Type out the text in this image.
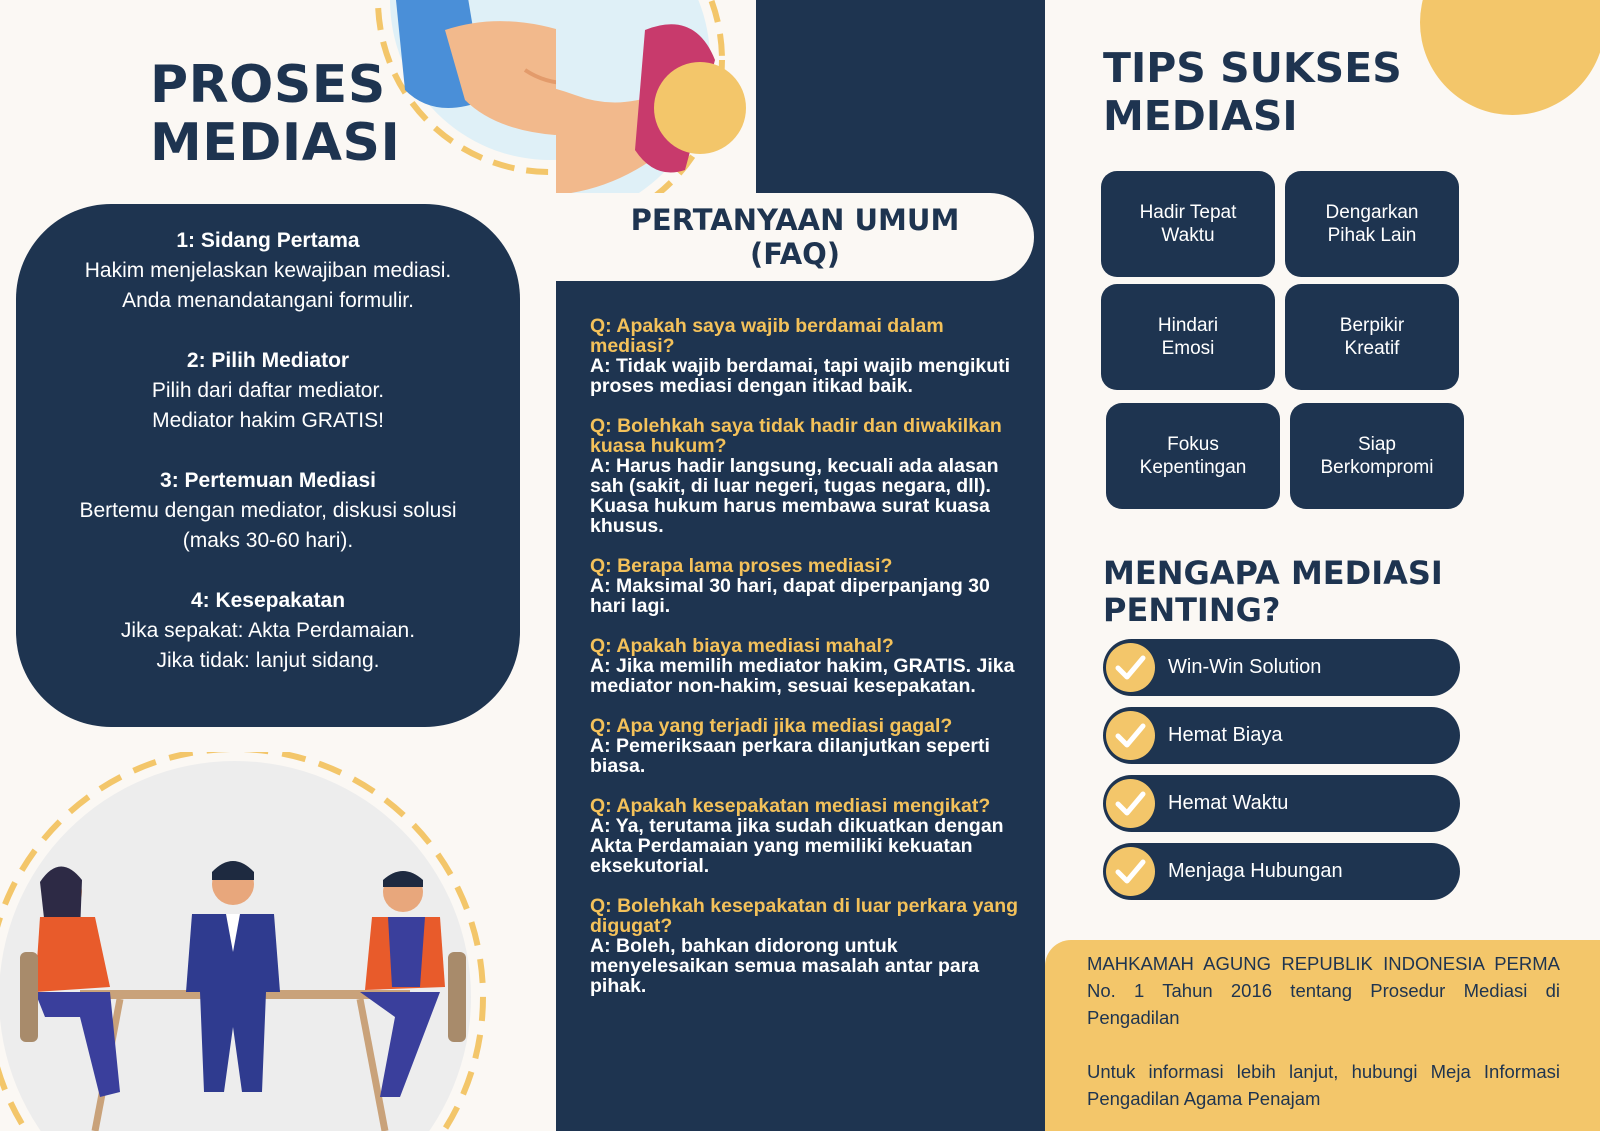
PROSES
MEDIASI
1: Sidang Pertama
Hakim menjelaskan kewajiban mediasi.
Anda menandatangani formulir.
2: Pilih Mediator
Pilih dari daftar mediator.
Mediator hakim GRATIS!
3: Pertemuan Mediasi
Bertemu dengan mediator, diskusi solusi
(maks 30-60 hari).
4: Kesepakatan
Jika sepakat: Akta Perdamaian.
Jika tidak: lanjut sidang.
PERTANYAAN UMUM
(FAQ)
Q: Apakah saya wajib berdamai dalam mediasi?
A: Tidak wajib berdamai, tapi wajib mengikuti proses mediasi dengan itikad baik.
Q: Bolehkah saya tidak hadir dan diwakilkan kuasa hukum?
A: Harus hadir langsung, kecuali ada alasan sah (sakit, di luar negeri, tugas negara, dll). Kuasa hukum harus membawa surat kuasa khusus.
Q: Berapa lama proses mediasi?
A: Maksimal 30 hari, dapat diperpanjang 30 hari lagi.
Q: Apakah biaya mediasi mahal?
A: Jika memilih mediator hakim, GRATIS. Jika mediator non-hakim, sesuai kesepakatan.
Q: Apa yang terjadi jika mediasi gagal?
A: Pemeriksaan perkara dilanjutkan seperti biasa.
Q: Apakah kesepakatan mediasi mengikat?
A: Ya, terutama jika sudah dikuatkan dengan Akta Perdamaian yang memiliki kekuatan eksekutorial.
Q: Bolehkah kesepakatan di luar perkara yang digugat?
A: Boleh, bahkan didorong untuk menyelesaikan semua masalah antar para pihak.
TIPS SUKSES
MEDIASI
Hadir Tepat
Waktu
Dengarkan
Pihak Lain
Hindari
Emosi
Berpikir
Kreatif
Fokus
Kepentingan
Siap
Berkompromi
MENGAPA MEDIASI
PENTING?
Win-Win Solution
Hemat Biaya
Hemat Waktu
Menjaga Hubungan

MAHKAMAH AGUNG REPUBLIK INDONESIA PERMA No. 1 Tahun 2016 tentang Prosedur Mediasi di Pengadilan

Untuk informasi lebih lanjut, hubungi Meja Informasi Pengadilan Agama Penajam
